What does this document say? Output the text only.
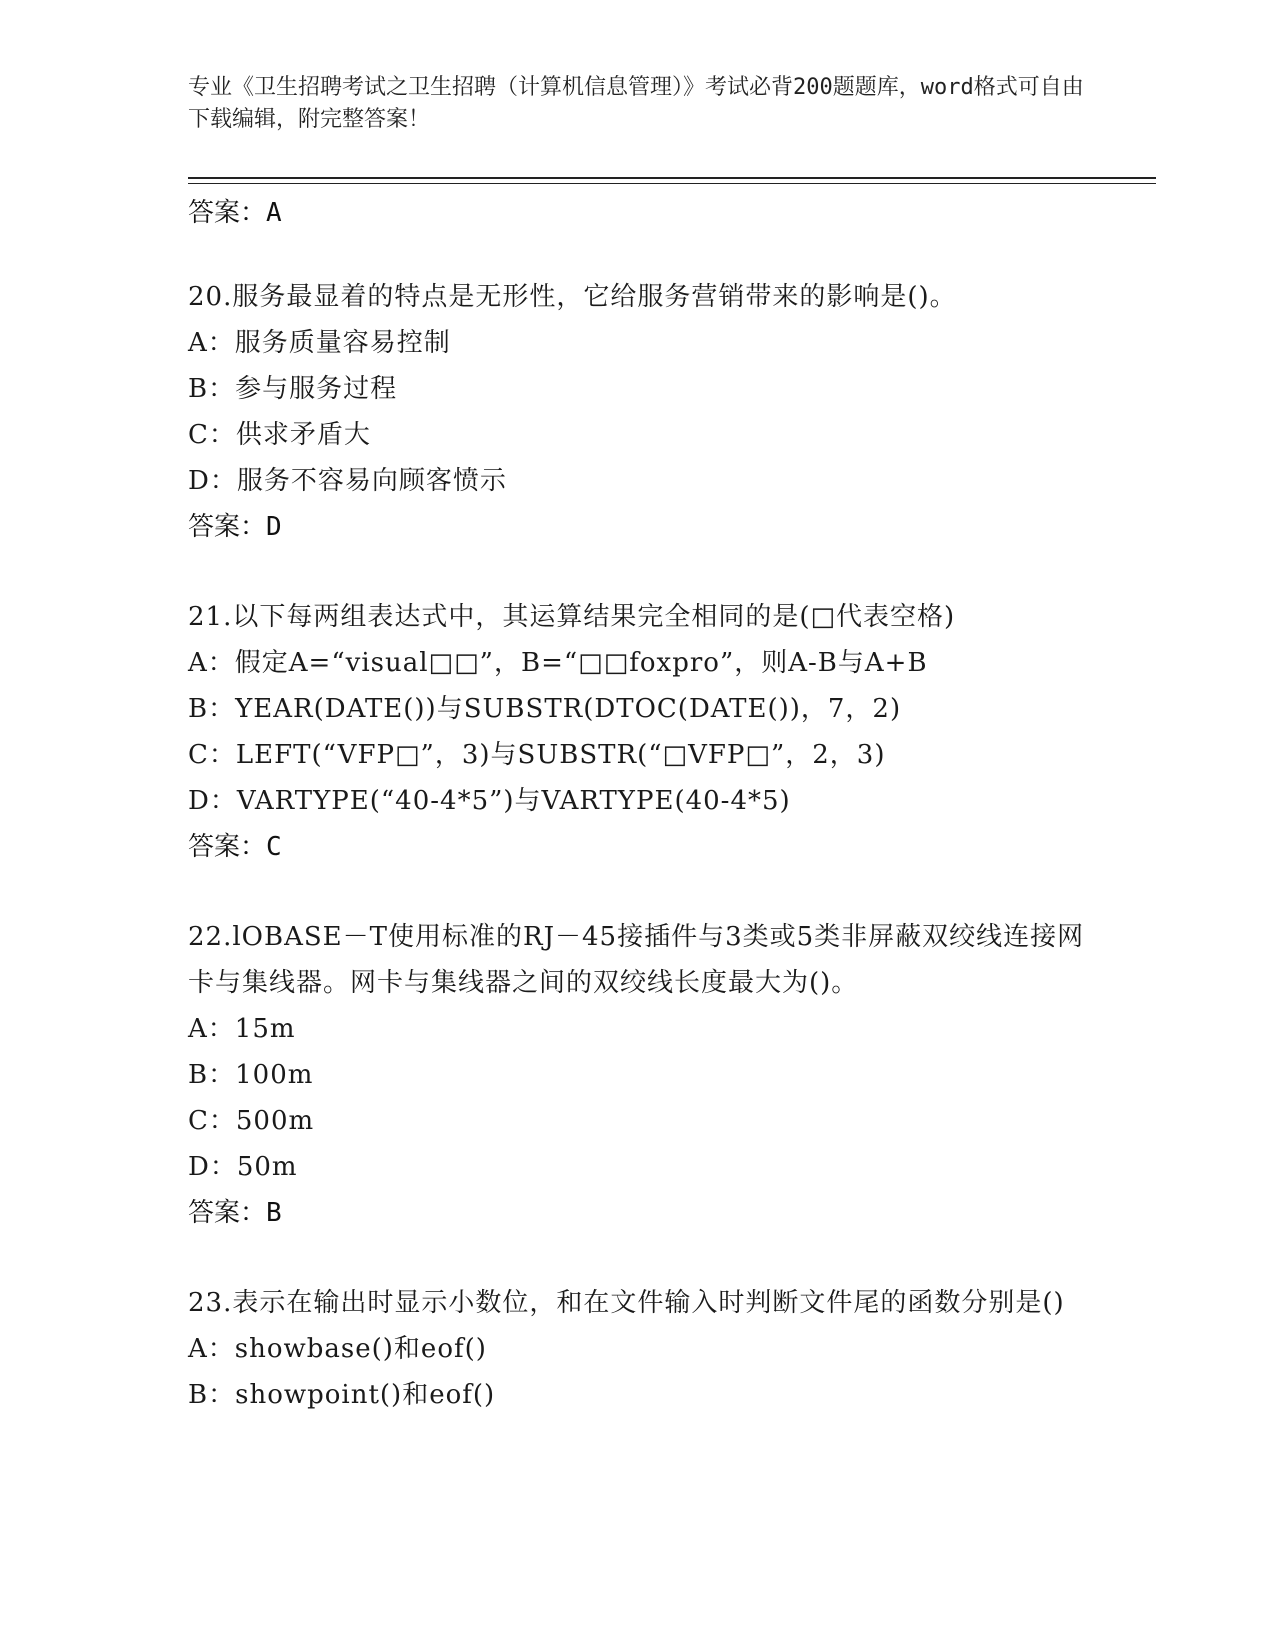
专业《卫生招聘考试之卫生招聘（计算机信息管理）》考试必背200题题库，word格式可自由下载编辑，附完整答案！
答案：A
20.服务最显着的特点是无形性，它给服务营销带来的影响是()。
A：服务质量容易控制
B：参与服务过程
C：供求矛盾大
D：服务不容易向顾客愤示
答案：D
21.以下每两组表达式中，其运算结果完全相同的是(□代表空格)
A：假定A=“visual□□”，B=“□□foxpro”，则A-B与A+B
B：YEAR(DATE())与SUBSTR(DTOC(DATE())，7，2)
C：LEFT(“VFP□”，3)与SUBSTR(“□VFP□”，2，3)
D：VARTYPE(“40-4*5”)与VARTYPE(40-4*5)
答案：C
22.lOBASE－T使用标准的RJ－45接插件与3类或5类非屏蔽双绞线连接网卡与集线器。网卡与集线器之间的双绞线长度最大为()。
A：15m
B：100m
C：500m
D：50m
答案：B
23.表示在输出时显示小数位，和在文件输入时判断文件尾的函数分别是()
A：showbase()和eof()
B：showpoint()和eof()
